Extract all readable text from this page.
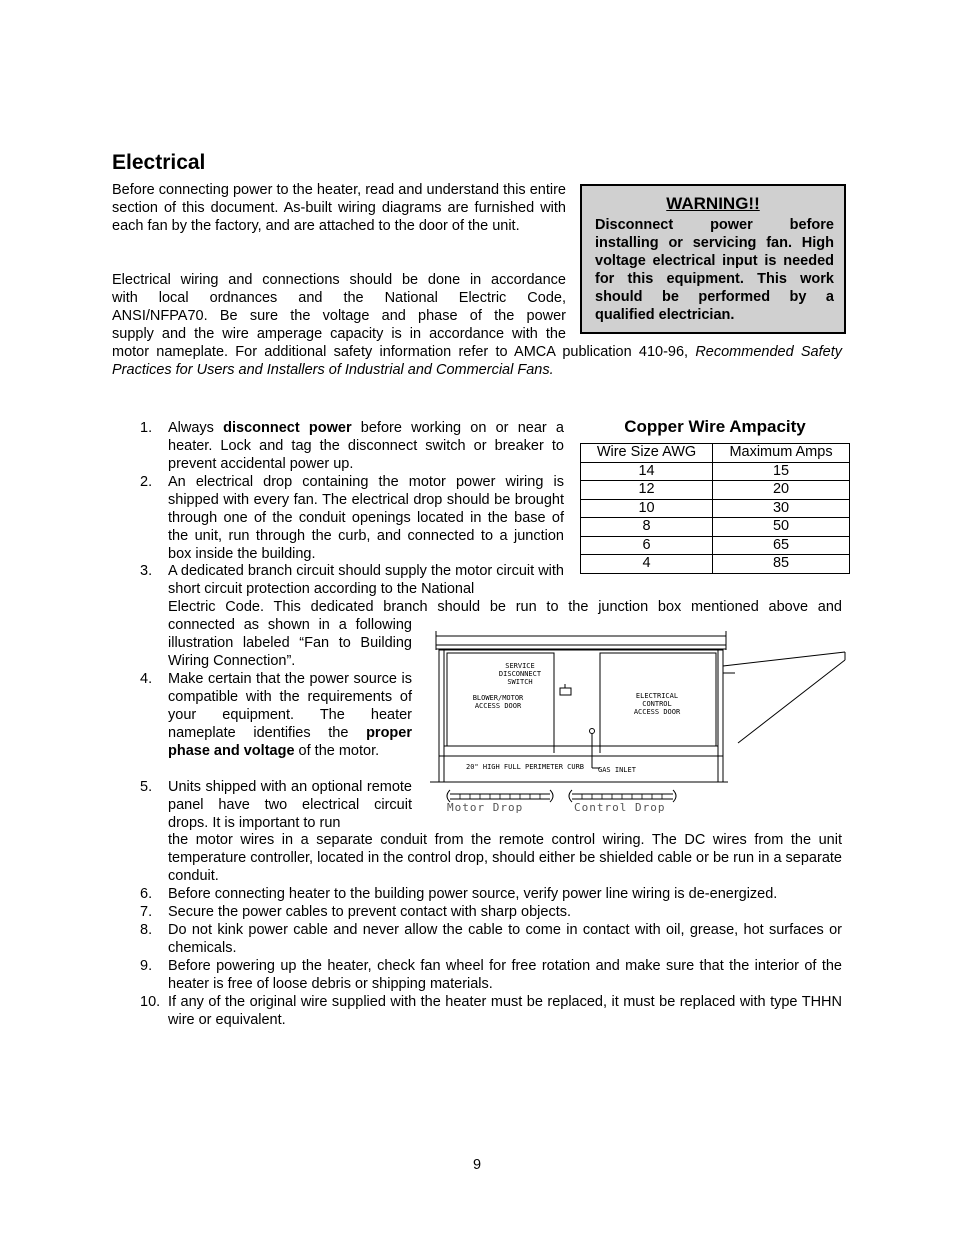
Electrical
Before connecting power to the heater, read and understand this entire section of this document. As-built wiring diagrams are furnished with each fan by the factory, and are attached to the door of the unit.
Electrical wiring and connections should be done in accordance
with local ordnances and the National Electric Code,
ANSI/NFPA70. Be sure the voltage and phase of the power
supply and the wire amperage capacity is in accordance with the
motor nameplate. For additional safety information refer to AMCA publication 410-96, Recommended Safety Practices for Users and Installers of Industrial and Commercial Fans.
WARNING!!
Disconnect power before installing or servicing fan. High voltage electrical input is needed for this equipment. This work should be performed by a qualified electrician.
Copper Wire Ampacity
Wire Size AWG	Maximum Amps
14	15
12	20
10	30
8	50
6	65
4	85
1. Always disconnect power before working on or near a heater. Lock and tag the disconnect switch or breaker to prevent accidental power up.
2. An electrical drop containing the motor power wiring is shipped with every fan. The electrical drop should be brought through one of the conduit openings located in the base of the unit, run through the curb, and connected to a junction box inside the building.
3. A dedicated branch circuit should supply the motor circuit with short circuit protection according to the National
Electric Code. This dedicated branch should be run to the junction box mentioned above and
connected as shown in a following illustration labeled “Fan to Building Wiring Connection”.
4. Make certain that the power source is compatible with the requirements of your equipment. The heater nameplate identifies the proper phase and voltage of the motor.
5. Units shipped with an optional remote panel have two electrical circuit drops. It is important to run
the motor wires in a separate conduit from the remote control wiring. The DC wires from the unit temperature controller, located in the control drop, should either be shielded cable or be run in a separate conduit.
6. Before connecting heater to the building power source, verify power line wiring is de-energized.
7. Secure the power cables to prevent contact with sharp objects.
8. Do not kink power cable and never allow the cable to come in contact with oil, grease, hot surfaces or chemicals.
9. Before powering up the heater, check fan wheel for free rotation and make sure that the interior of the heater is free of loose debris or shipping materials.
10. If any of the original wire supplied with the heater must be replaced, it must be replaced with type THHN wire or equivalent.
SERVICE
DISCONNECT
SWITCH
BLOWER/MOTOR
ACCESS DOOR
ELECTRICAL
CONTROL
ACCESS DOOR
20" HIGH FULL PERIMETER CURB GAS INLET
Motor Drop	Control Drop
9
